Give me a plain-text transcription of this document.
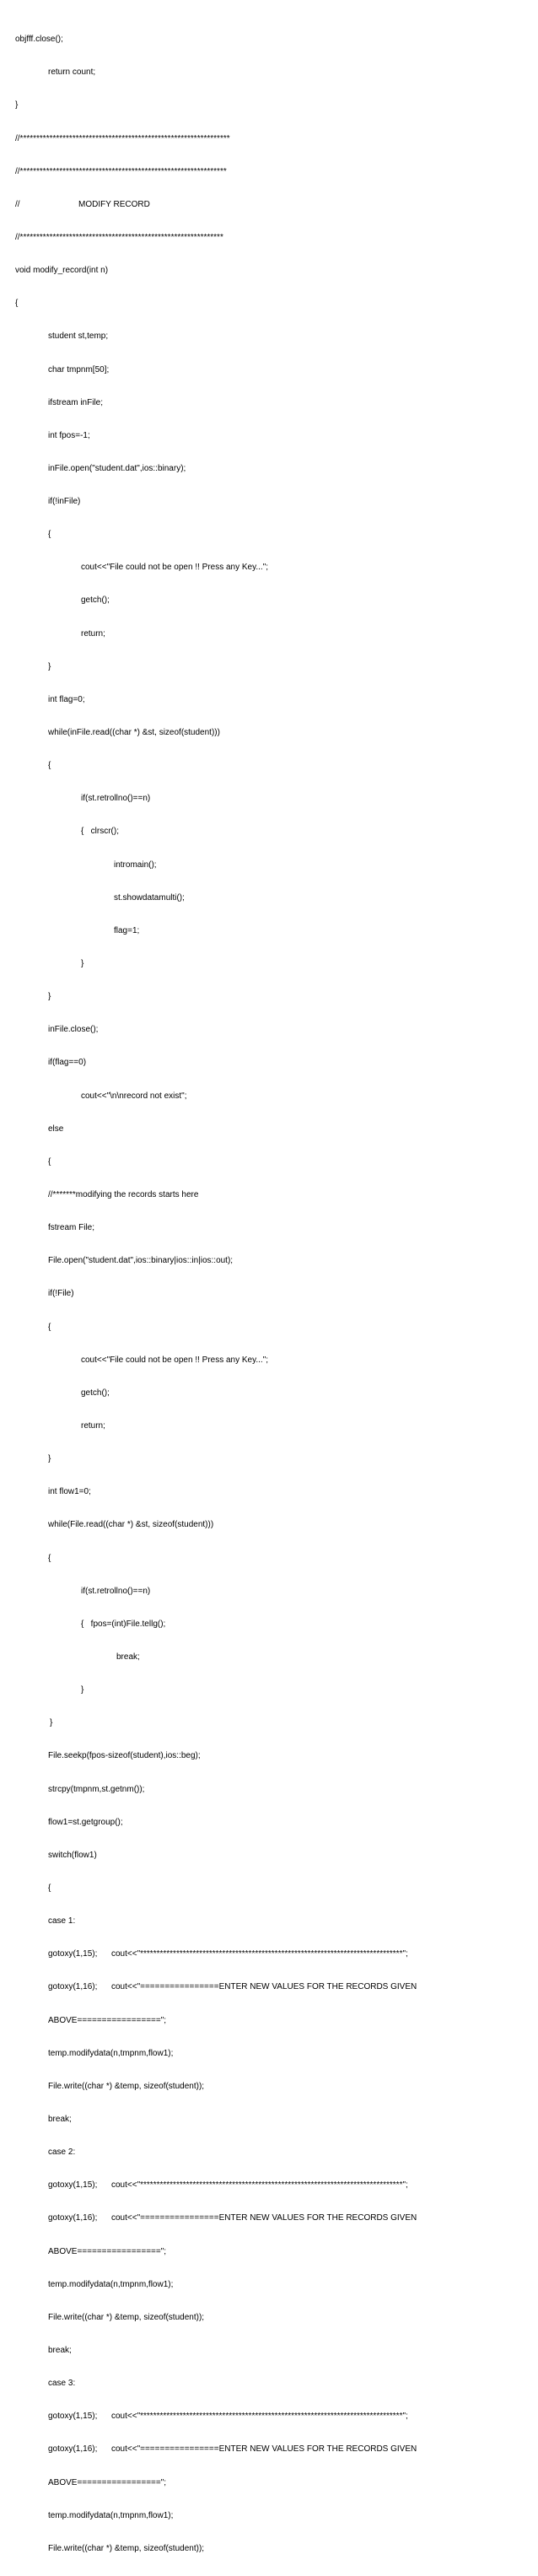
objfff.close();

return count;

}

//****************************************************************

//***************************************************************

//	MODIFY RECORD

//**************************************************************

void modify_record(int n)

{

student st,temp;

char tmpnm[50];

ifstream inFile;

int fpos=-1;

inFile.open("student.dat",ios::binary);

if(!inFile)

{

cout<<"File could not be open !! Press any Key...";

getch();

return;

}

int flag=0;

while(inFile.read((char *) &st, sizeof(student)))

{

if(st.retrollno()==n)

{   clrscr();

intromain();

st.showdatamulti();

flag=1;

}

}

inFile.close();

if(flag==0)

cout<<"\n\nrecord not exist";

else

{

//*******modifying the records starts here

fstream File;

File.open("student.dat",ios::binary|ios::in|ios::out);

if(!File)

{

cout<<"File could not be open !! Press any Key...";

getch();

return;

}

int flow1=0;

while(File.read((char *) &st, sizeof(student)))

{

if(st.retrollno()==n)

{   fpos=(int)File.tellg();

break;

}

}

File.seekp(fpos-sizeof(student),ios::beg);

strcpy(tmpnm,st.getnm());

flow1=st.getgroup();

switch(flow1)

{

case 1:

gotoxy(1,15); cout<<"********************************************************************************";

gotoxy(1,16); cout<<"================ENTER NEW VALUES FOR THE RECORDS GIVEN

ABOVE=================";

temp.modifydata(n,tmpnm,flow1);

File.write((char *) &temp, sizeof(student));

break;

case 2:

gotoxy(1,15); cout<<"********************************************************************************";

gotoxy(1,16); cout<<"================ENTER NEW VALUES FOR THE RECORDS GIVEN

ABOVE=================";

temp.modifydata(n,tmpnm,flow1);

File.write((char *) &temp, sizeof(student));

break;

case 3:

gotoxy(1,15); cout<<"********************************************************************************";

gotoxy(1,16); cout<<"================ENTER NEW VALUES FOR THE RECORDS GIVEN

ABOVE=================";

temp.modifydata(n,tmpnm,flow1);

File.write((char *) &temp, sizeof(student));
